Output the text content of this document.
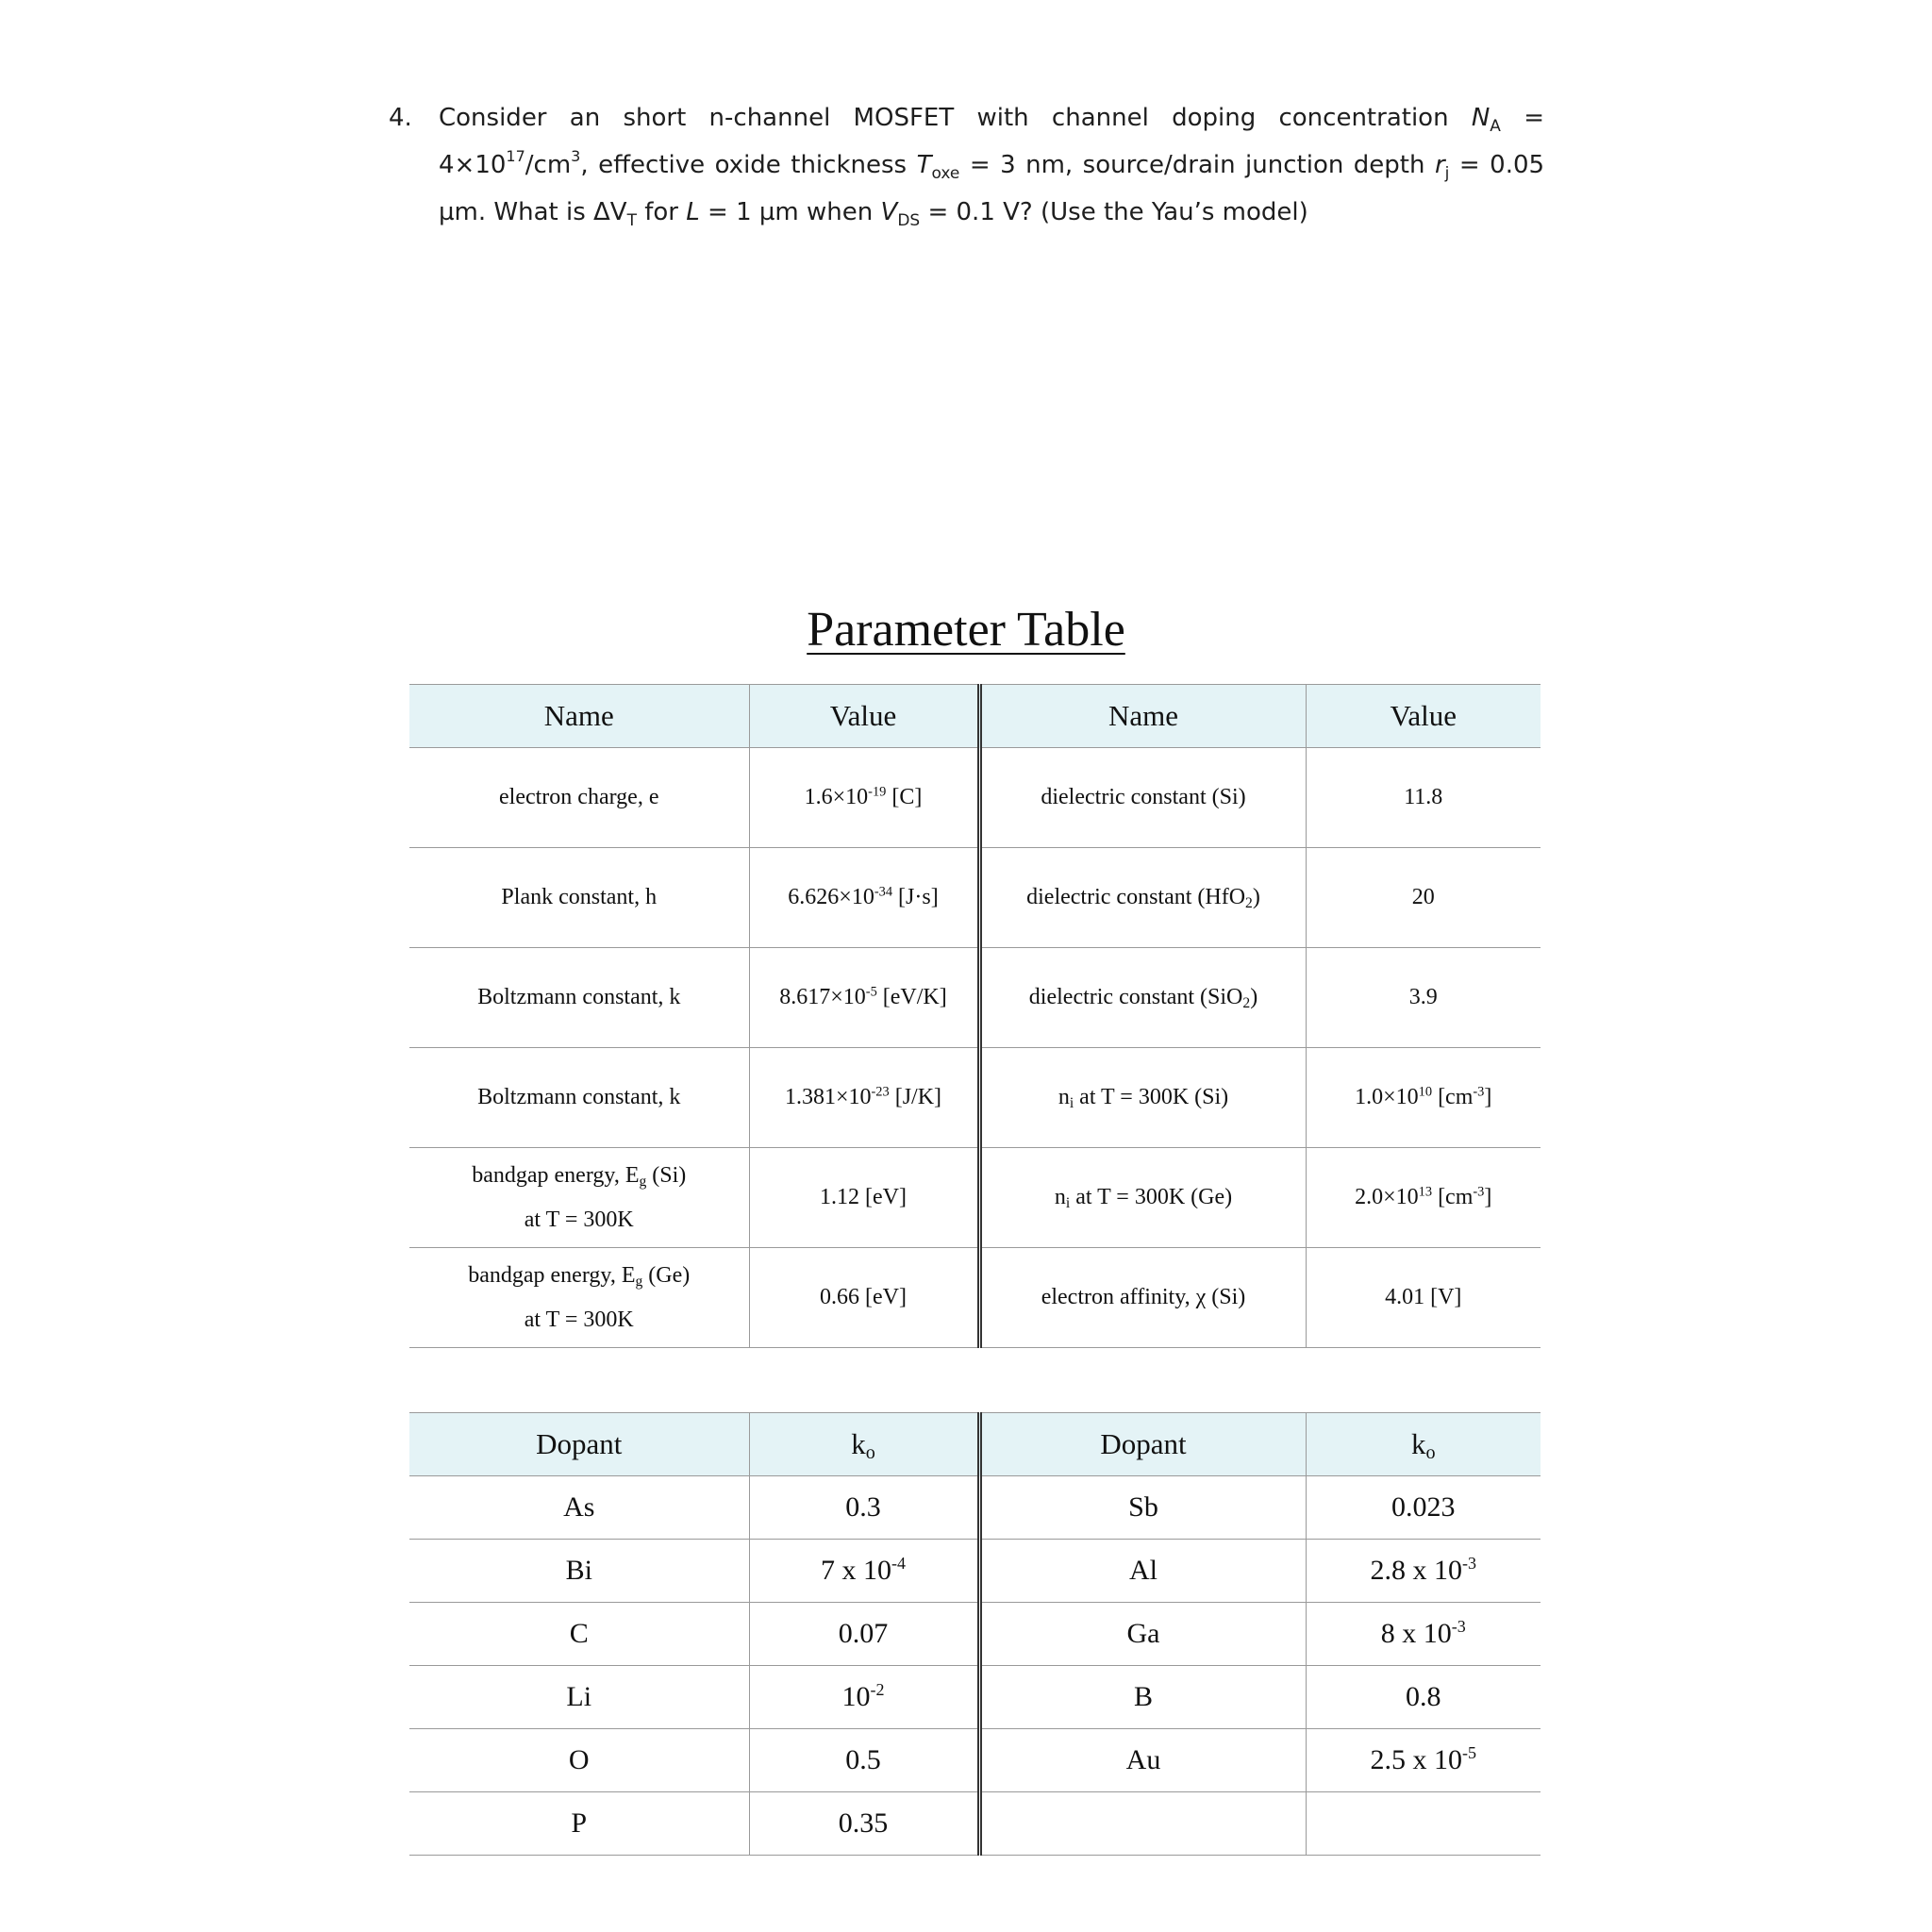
4. Consider an short n-channel MOSFET with channel doping concentration $N_A = 4\times 10^{17}/cm^3$, effective oxide thickness $T_{oxe} = 3$ nm, source/drain junction depth $r_j = 0.05$ µm. What is $\Delta V_T$ for L = 1 µm when $V_{DS} = 0.1$ V? (Use the Yau’s model)
Parameter Table
Name	Value	Name	Value
electron charge, e	$1.6\times 10^{-19}$ [C]	dielectric constant (Si)	11.8
Plank constant, h	$6.626\times 10^{-34}$ [J·s]	dielectric constant (HfO$_2$)	20
Boltzmann constant, k	$8.617\times 10^{-5}$ [eV/K]	dielectric constant (SiO$_2$)	3.9
Boltzmann constant, k	$1.381\times 10^{-23}$ [J/K]	$n_i$ at T = 300K (Si)	$1.0\times 10^{10}$ $[cm^{-3}]$
bandgap energy, $E_g$ (Si)
at T = 300K	1.12 [eV]	$n_i$ at T = 300K (Ge)	$2.0\times 10^{13}$ $[cm^{-3}]$
bandgap energy, $E_g$ (Ge)
at T = 300K	0.66 [eV]	electron affinity, χ (Si)	4.01 [V]
Dopant	$k_o$	Dopant	$k_o$
As	0.3	Sb	0.023
Bi	7 x $10^{-4}$	Al	2.8 x $10^{-3}$
C	0.07	Ga	8 x $10^{-3}$
Li	$10^{-2}$	B	0.8
O	0.5	Au	2.5 x $10^{-5}$
P	0.35		
